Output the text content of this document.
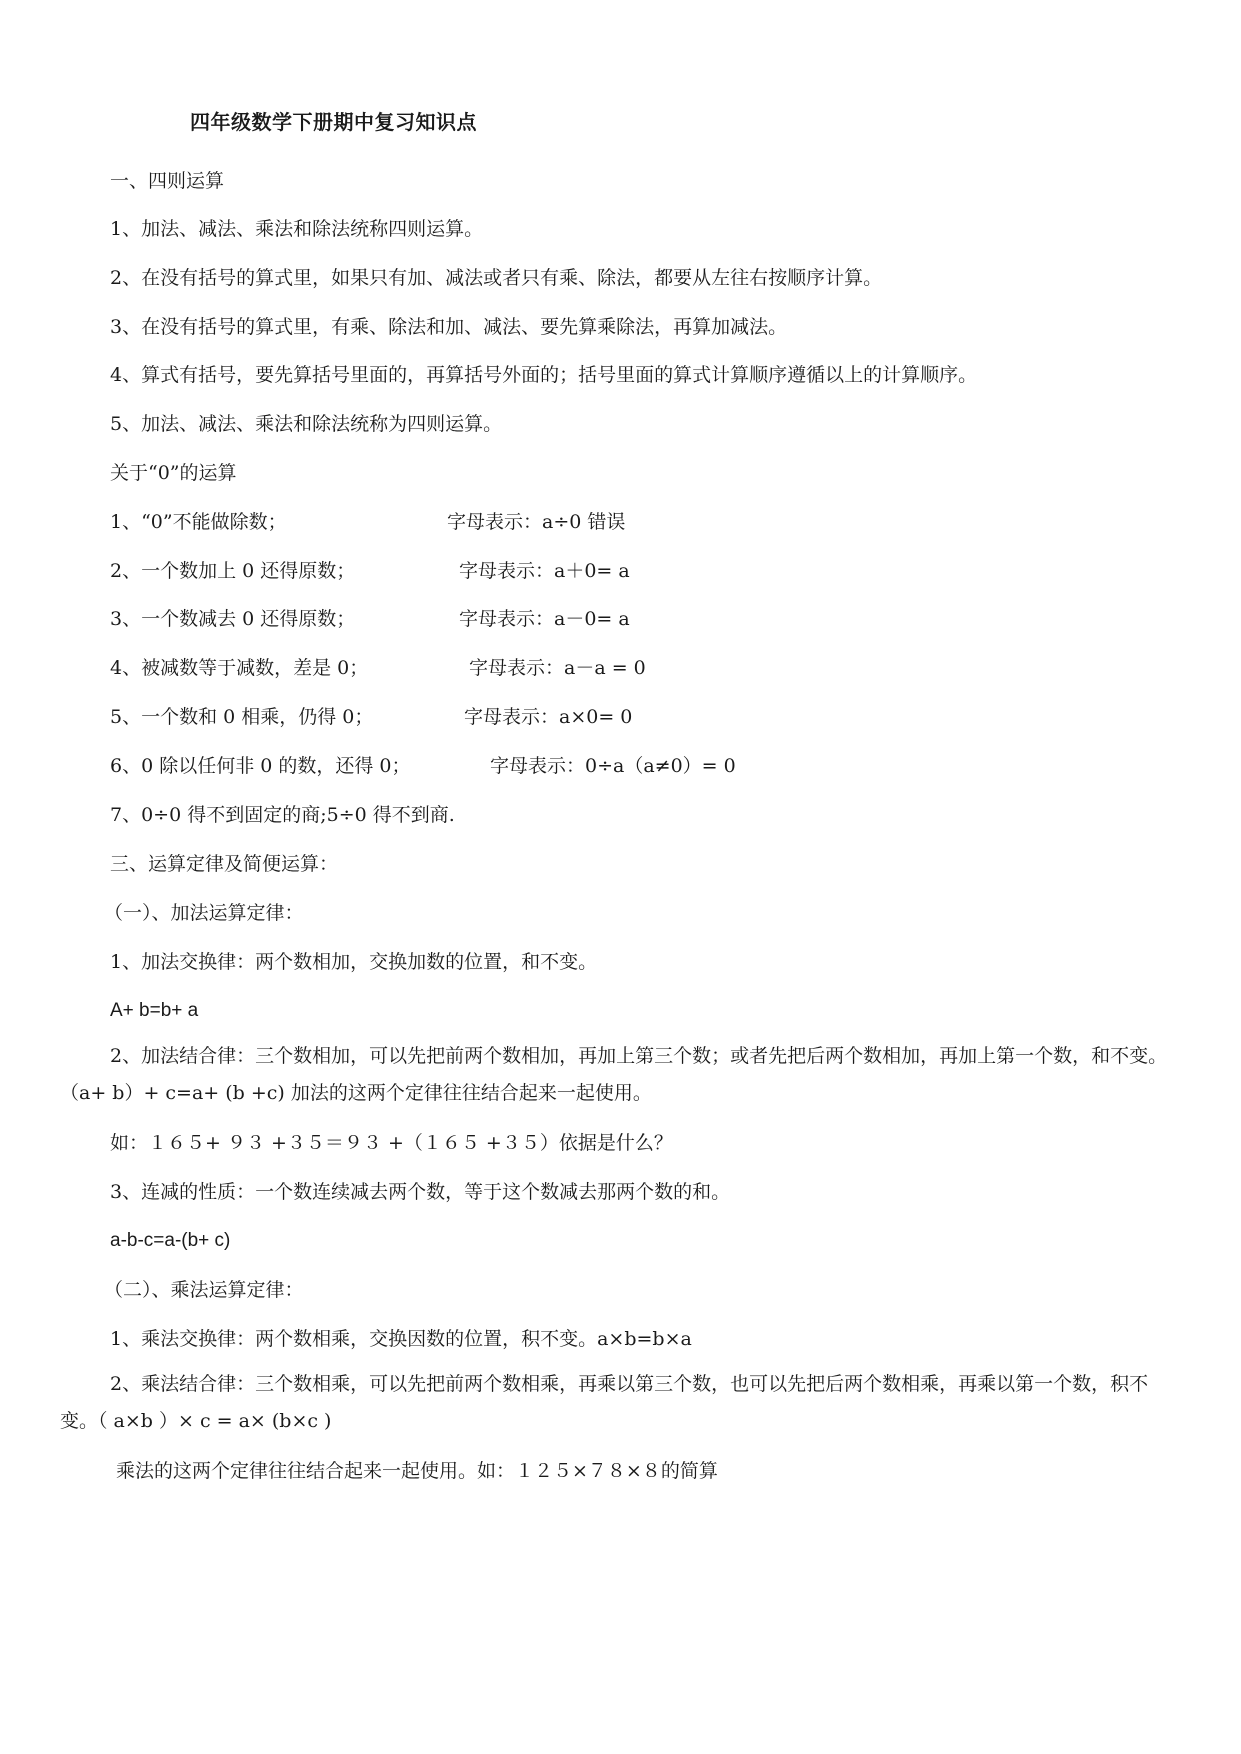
四年级数学下册期中复习知识点
一、四则运算
1、加法、减法、乘法和除法统称四则运算。
2、在没有括号的算式里，如果只有加、减法或者只有乘、除法，都要从左往右按顺序计算。
3、在没有括号的算式里，有乘、除法和加、减法、要先算乘除法，再算加减法。
4、算式有括号，要先算括号里面的，再算括号外面的；括号里面的算式计算顺序遵循以上的计算顺序。
5、加法、减法、乘法和除法统称为四则运算。
关于“0”的运算
1、“0”不能做除数；	字母表示：a÷0 错误
2、一个数加上 0 还得原数；	字母表示：a＋0= a
3、一个数减去 0 还得原数；	字母表示：a－0= a
4、被减数等于减数，差是 0；	字母表示：a－a = 0
5、一个数和 0 相乘，仍得 0；	字母表示：a×0= 0
6、0 除以任何非 0 的数，还得 0；	字母表示：0÷a（a≠0）= 0
7、0÷0 得不到固定的商;5÷0 得不到商.
三、运算定律及简便运算：
（一）、加法运算定律：
1、加法交换律：两个数相加，交换加数的位置，和不变。
A+ b=b+ a
2、加法结合律：三个数相加，可以先把前两个数相加，再加上第三个数；或者先把后两个数相加，再加上第一个数，和不变。（a+ b）+ c=a+ (b +c) 加法的这两个定律往往结合起来一起使用。
如：１６５+ ９３ +３５＝９３ +（１６５ +３５）依据是什么？
3、连减的性质：一个数连续减去两个数，等于这个数减去那两个数的和。
a-b-c=a-(b+ c)
（二）、乘法运算定律：
1、乘法交换律：两个数相乘，交换因数的位置，积不变。a×b=b×a
2、乘法结合律：三个数相乘，可以先把前两个数相乘，再乘以第三个数，也可以先把后两个数相乘，再乘以第一个数，积不变。（ a×b ）× c = a× (b×c )
乘法的这两个定律往往结合起来一起使用。如：１２５×７８×８的简算
